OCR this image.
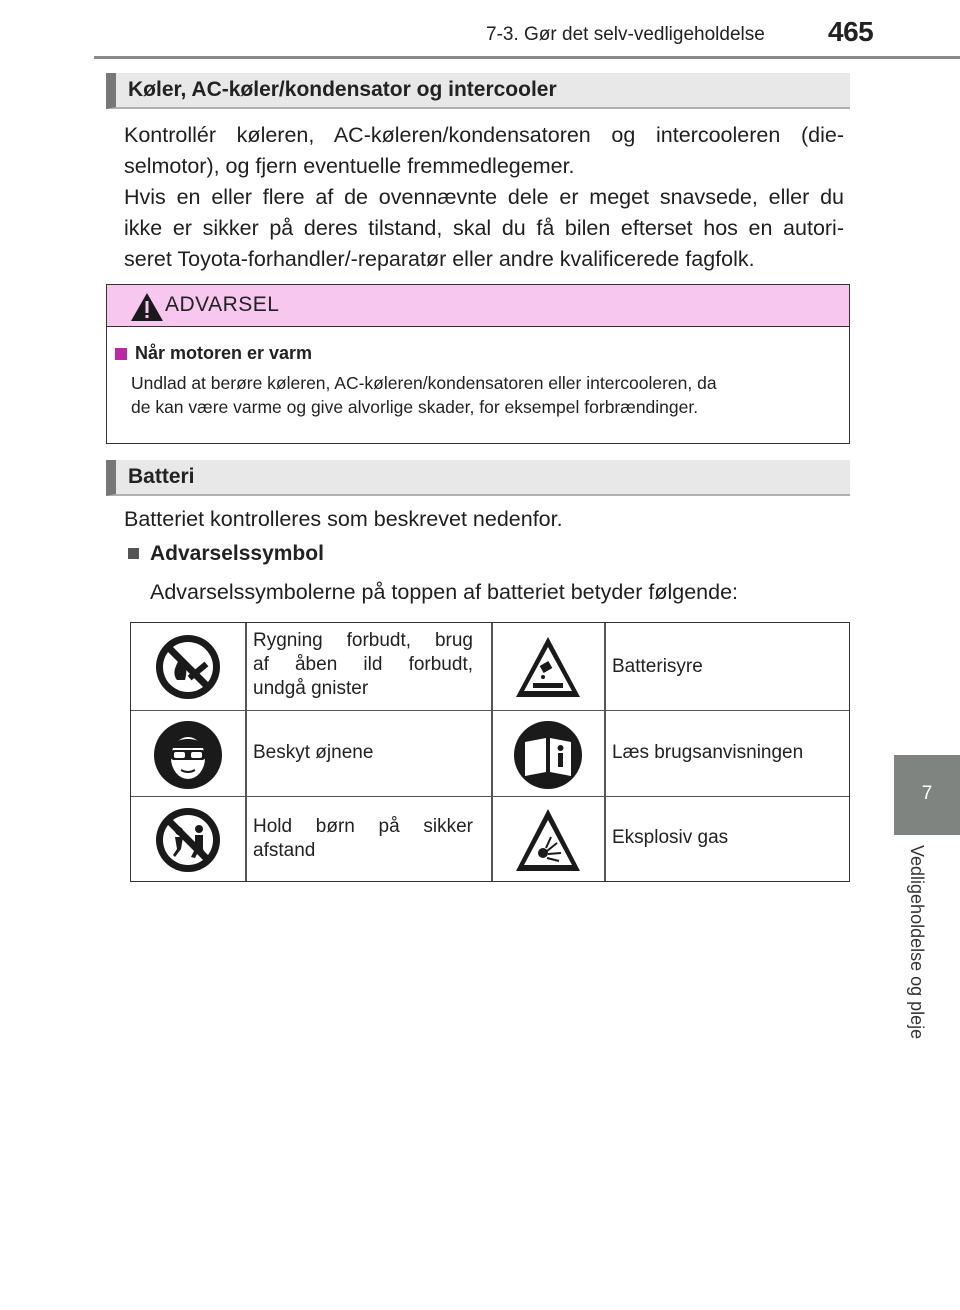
7-3. Gør det selv-vedligeholdelse 465
7
Vedligeholdelse og pleje
Køler, AC-køler/kondensator og intercooler
Kontrollér køleren, AC-køleren/kondensatoren og intercooleren (die-
selmotor), og fjern eventuelle fremmedlegemer.
Hvis en eller flere af de ovennævnte dele er meget snavsede, eller du
ikke er sikker på deres tilstand, skal du få bilen efterset hos en autori-
seret Toyota-forhandler/-reparatør eller andre kvalificerede fagfolk.
ADVARSEL
Når motoren er varm
Undlad at berøre køleren, AC-køleren/kondensatoren eller intercooleren, da
de kan være varme og give alvorlige skader, for eksempel forbrændinger.
Batteri
Batteriet kontrolleres som beskrevet nedenfor.
Advarselssymbol
Advarselssymbolerne på toppen af batteriet betyder følgende:
Rygning forbudt, brug
af åben ild forbudt,
undgå gnister
Batterisyre
Beskyt øjnene	Læs brugsanvisningen
Hold børn på sikker
afstand
Eksplosiv gas
